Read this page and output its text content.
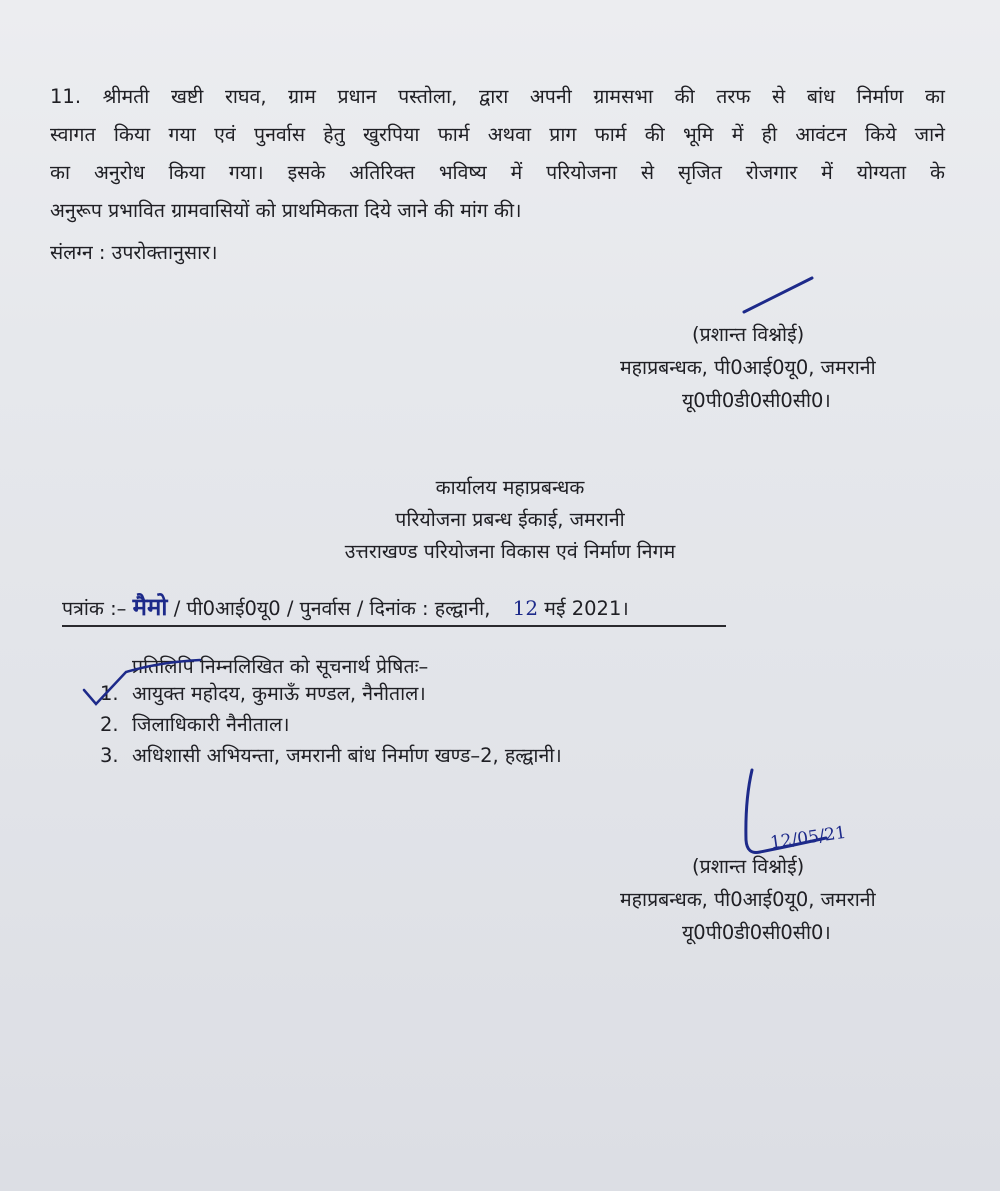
11. श्रीमती खष्टी राघव, ग्राम प्रधान पस्तोला, द्वारा अपनी ग्रामसभा की तरफ से बांध निर्माण का
स्वागत किया गया एवं पुनर्वास हेतु खुरपिया फार्म अथवा प्राग फार्म की भूमि में ही आवंटन किये जाने
का अनुरोध किया गया। इसके अतिरिक्त भविष्य में परियोजना से सृजित रोजगार में योग्यता के
अनुरूप प्रभावित ग्रामवासियों को प्राथमिकता दिये जाने की मांग की।
संलग्न : उपरोक्तानुसार।
(प्रशान्त विश्नोई)
महाप्रबन्धक, पी0आई0यू0, जमरानी
यू0पी0डी0सी0सी0।
कार्यालय महाप्रबन्धक
परियोजना प्रबन्ध ईकाई, जमरानी
उत्तराखण्ड परियोजना विकास एवं निर्माण निगम
पत्रांक :– मैमो / पी0आई0यू0 / पुनर्वास / दिनांक : हल्द्वानी, 12 मई 2021।
प्रतिलिपि निम्नलिखित को सूचनार्थ प्रेषितः–
1. आयुक्त महोदय, कुमाऊँ मण्डल, नैनीताल।
2. जिलाधिकारी नैनीताल।
3. अधिशासी अभियन्ता, जमरानी बांध निर्माण खण्ड–2, हल्द्वानी।
12/05/21
(प्रशान्त विश्नोई)
महाप्रबन्धक, पी0आई0यू0, जमरानी
यू0पी0डी0सी0सी0।
